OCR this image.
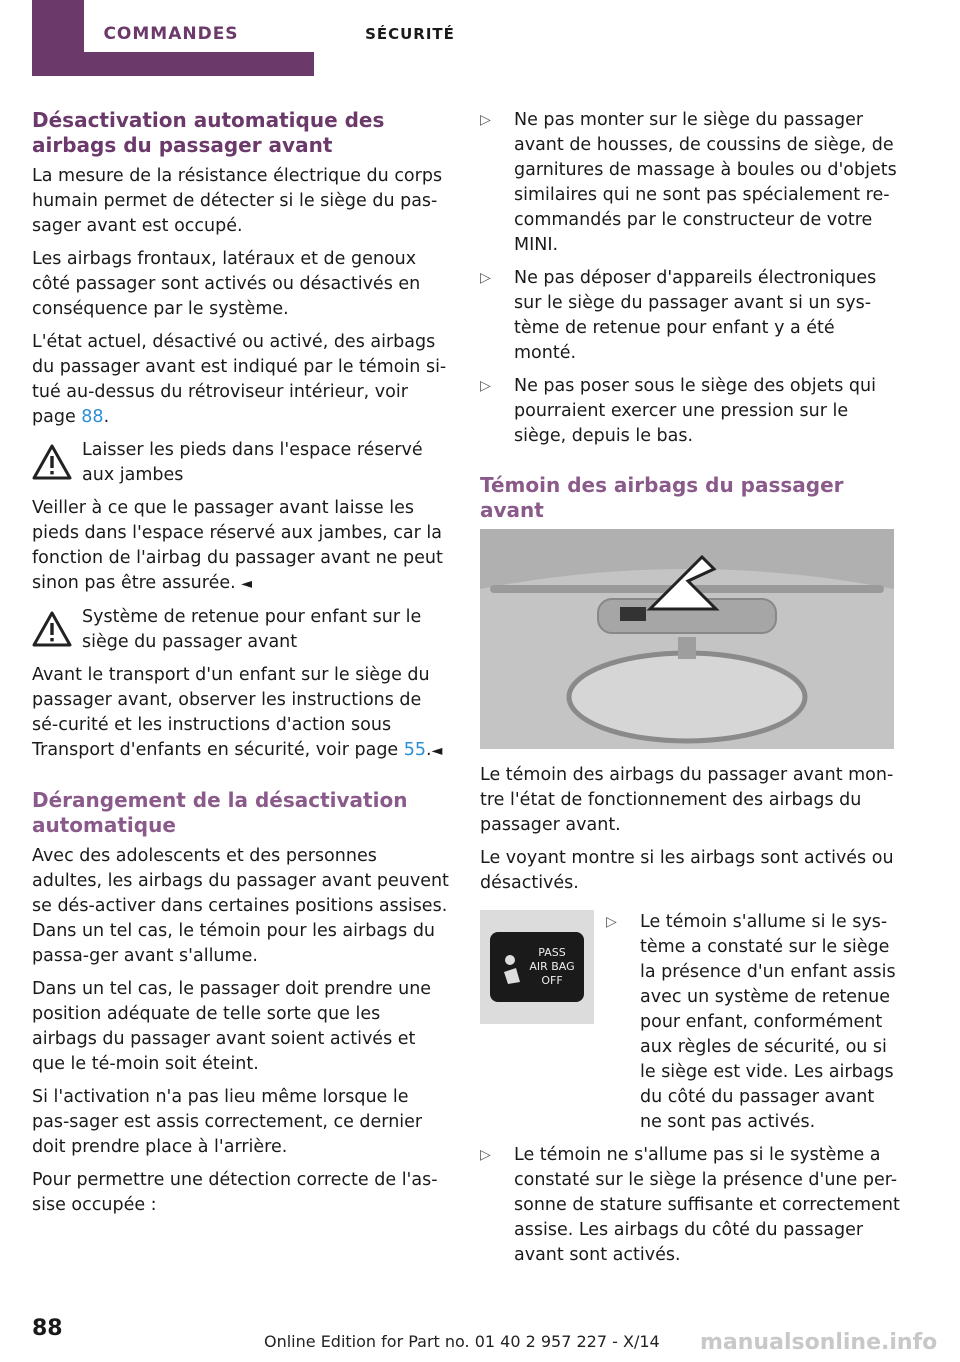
COMMANDES	SÉCURITÉ
Désactivation automatique des airbags du passager avant

La mesure de la résistance électrique du corps humain permet de détecter si le siège du pas-sager avant est occupé.

Les airbags frontaux, latéraux et de genoux côté passager sont activés ou désactivés en conséquence par le système.

L'état actuel, désactivé ou activé, des airbags du passager avant est indiqué par le témoin si-tué au-dessus du rétroviseur intérieur, voir page 88.

Laisser les pieds dans l'espace réservé aux jambes

Veiller à ce que le passager avant laisse les pieds dans l'espace réservé aux jambes, car la fonction de l'airbag du passager avant ne peut sinon pas être assurée. ◄

Système de retenue pour enfant sur le siège du passager avant

Avant le transport d'un enfant sur le siège du passager avant, observer les instructions de sé-curité et les instructions d'action sous Transport d'enfants en sécurité, voir page 55.◄

Dérangement de la désactivation automatique

Avec des adolescents et des personnes adultes, les airbags du passager avant peuvent se dés-activer dans certaines positions assises. Dans un tel cas, le témoin pour les airbags du passa-ger avant s'allume.

Dans un tel cas, le passager doit prendre une position adéquate de telle sorte que les airbags du passager avant soient activés et que le té-moin soit éteint.

Si l'activation n'a pas lieu même lorsque le pas-sager est assis correctement, ce dernier doit prendre place à l'arrière.

Pour permettre une détection correcte de l'as-sise occupée :

▷ Ne pas monter sur le siège du passager avant de housses, de coussins de siège, de garnitures de massage à boules ou d'objets similaires qui ne sont pas spécialement re-commandés par le constructeur de votre MINI.
▷ Ne pas déposer d'appareils électroniques sur le siège du passager avant si un sys-tème de retenue pour enfant y a été monté.
▷ Ne pas poser sous le siège des objets qui pourraient exercer une pression sur le siège, depuis le bas.
Témoin des airbags du passager avant

Le témoin des airbags du passager avant mon-tre l'état de fonctionnement des airbags du passager avant.

Le voyant montre si les airbags sont activés ou désactivés.

PASS
AIR BAG
OFF
▷ Le témoin s'allume si le sys-tème a constaté sur le siège la présence d'un enfant assis avec un système de retenue pour enfant, conformément aux règles de sécurité, ou si le siège est vide. Les airbags du côté du passager avant ne sont pas activés.
▷ Le témoin ne s'allume pas si le système a constaté sur le siège la présence d'une per-sonne de stature suffisante et correctement assise. Les airbags du côté du passager avant sont activés.
88
Online Edition for Part no. 01 40 2 957 227 - X/14 manualsonline.info
